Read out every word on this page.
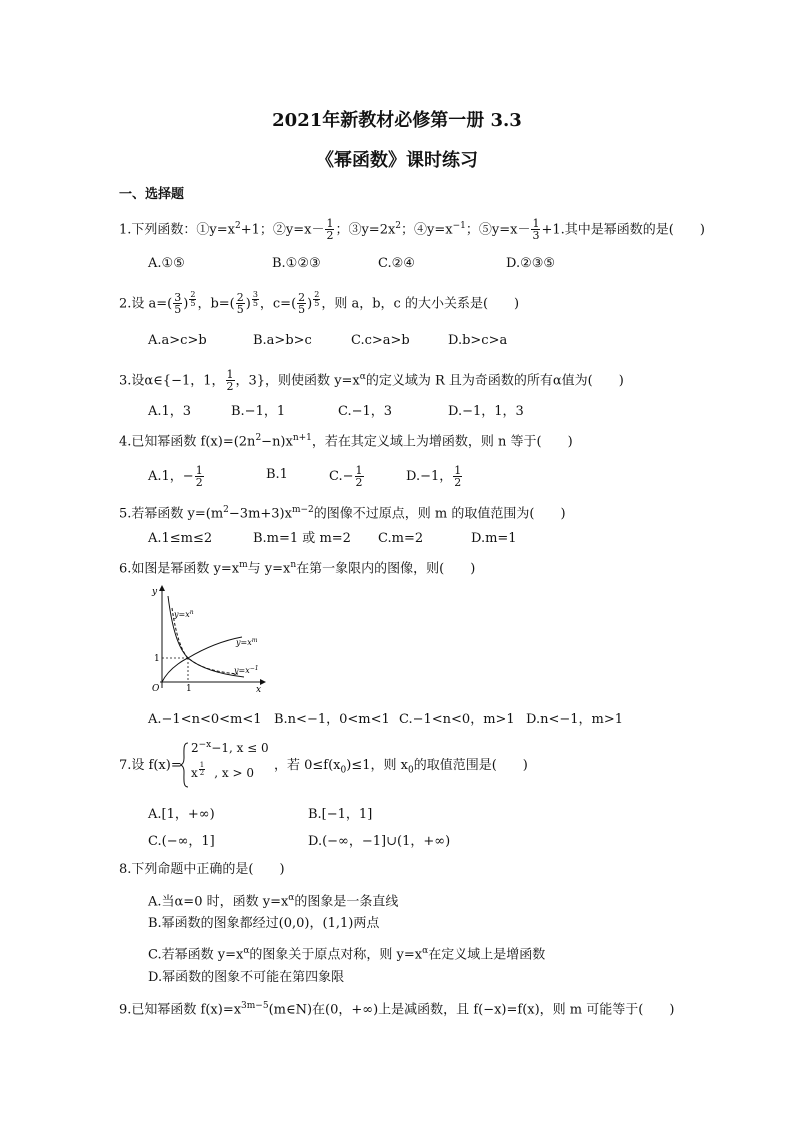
2021年新教材必修第一册 3.3
《幂函数》课时练习
一、选择题
1.下列函数：$①y=x^2+1$；②y=x－ $\frac{1}{2}$ ；$③y=2x^2$；$④y=x^{-1}$；⑤y=x－ $\frac{1}{3} +1$.其中是幂函数的是(　　)
A.①⑤	B.①②③	C.②④	D.②③⑤
2.设 $a=( \frac{3}{5}$ ) $^{\frac{2}{5}}$ ，$b=( \frac{2}{5}$ ) $^{\frac{3}{5}}$ ，$c=( \frac{2}{5}$ ) $^{\frac{2}{5}}$ ，则 a，b，c 的大小关系是(　　)
A.a>c>b	B.a>b>c	C.c>a>b	D.b>c>a
3.设α∈{−1，1， $\frac{1}{2}$ ，3}，则使函数 $y=x^\alpha$的定义域为 R 且为奇函数的所有α值为(　　)
A.1，3	B.−1，1	C.−1，3	D.−1，1，3
4.已知幂函数 $f(x)=(2n^2-n)x^{n+1}$，若在其定义域上为增函数，则 n 等于(　　)
A.1，− $\frac{1}{2}$	B.1	$C.- \frac{1}{2}$	D.−1， $\frac{1}{2}$
5.若幂函数 $y=(m^2-3m+3)x^{m-2}$的图像不过原点，则 m 的取值范围为(　　)
A.1≤m≤2	B.m=1 或 m=2 C.m=2	D.m=1
6.如图是幂函数 $y=x^m$与 $y=x^n$在第一象限内的图像，则(　　)
y
x
O
1
1
$y=x^n$
$y=x^m$
$y=x^{-1}$
A.−1<n<0<m<1 B.n<−1，0<m<1 C.−1<n<0，m>1 D.n<−1，m>1
7.设 f(x)=
$2^{-x}-1$, x ≤ 0
x $^{\frac{1}{2}}$ , x > 0 ，若 $0\le f(x_0)\le 1$，则 $x_0$的取值范围是(　　)
A.[1，+∞)	B.[−1，1]
C.(−∞，1]	D.(−∞，−1]∪(1，+∞)
8.下列命题中正确的是(　　)
A.当α=0 时，函数 $y=x^\alpha$的图象是一条直线
B.幂函数的图象都经过(0,0)，(1,1)两点
C.若幂函数 $y=x^\alpha$的图象关于原点对称，则 $y=x^\alpha$在定义域上是增函数
D.幂函数的图象不可能在第四象限
9.已知幂函数 $f(x)=x^{3m-5}(m\in N)$在(0，+∞)上是减函数，且 f(−x)=f(x)，则 m 可能等于(　　)
